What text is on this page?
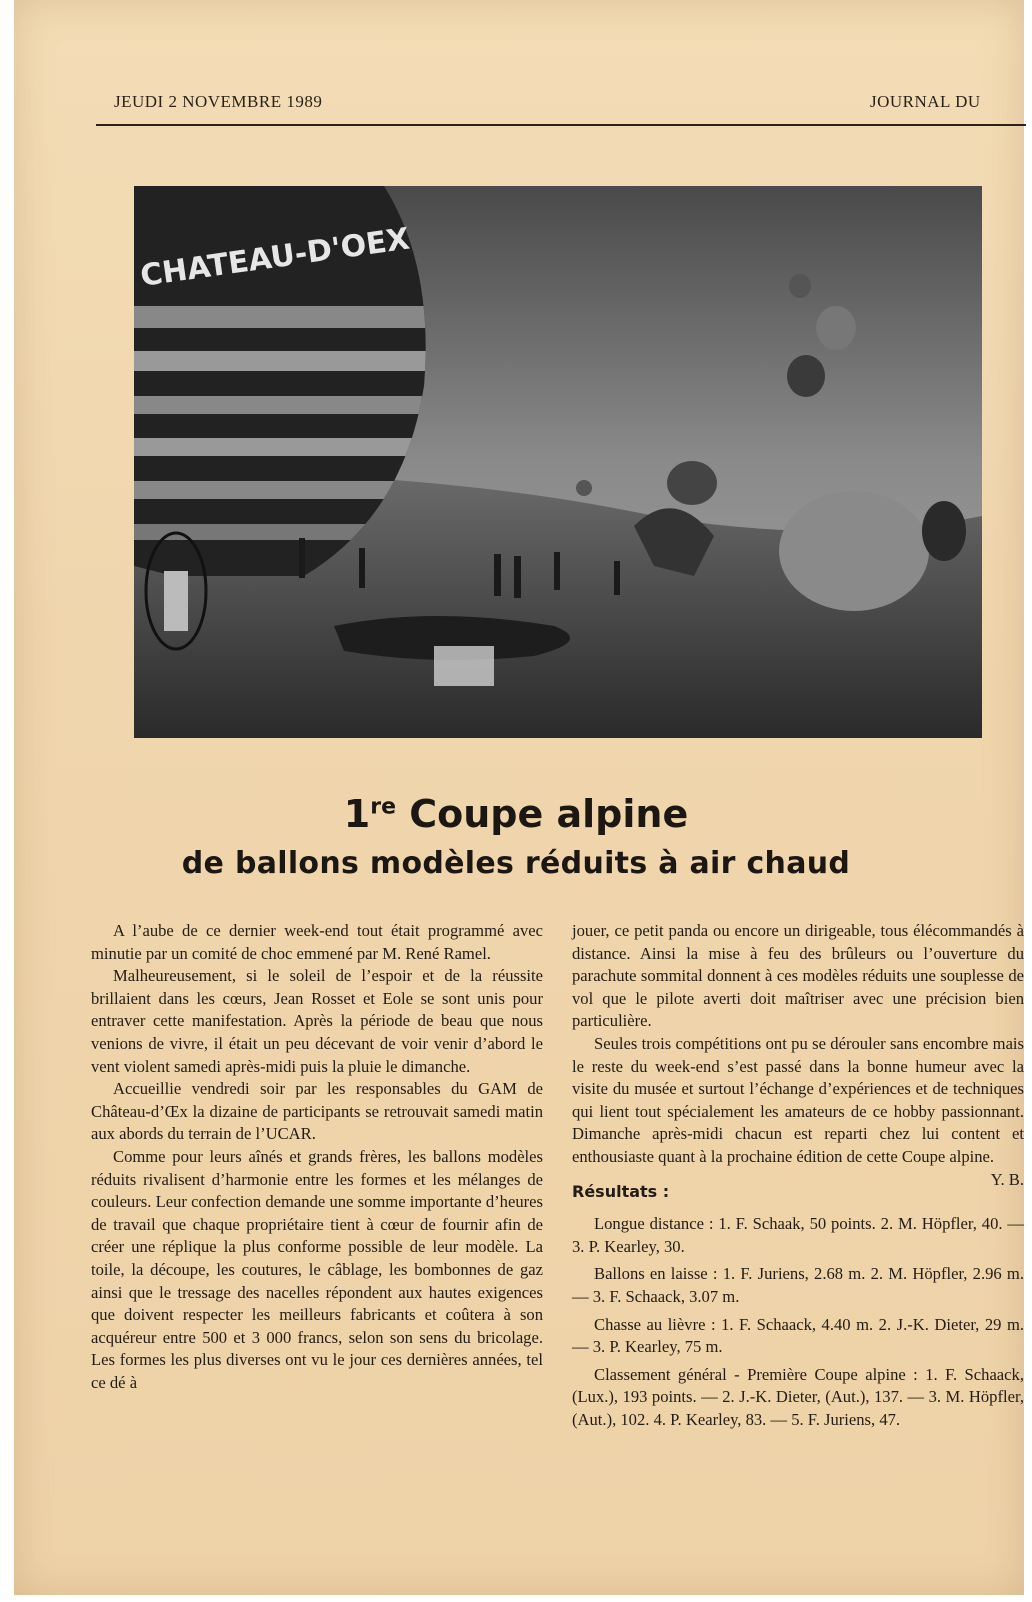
JEUDI 2 NOVEMBRE 1989	JOURNAL DU
CHATEAU-D'OEX
1re Coupe alpine
de ballons modèles réduits à air chaud

A l’aube de ce dernier week-end tout était programmé avec minutie par un comité de choc emmené par M. René Ramel.

Malheureusement, si le soleil de l’espoir et de la réussite brillaient dans les cœurs, Jean Rosset et Eole se sont unis pour entraver cette manifestation. Après la période de beau que nous venions de vivre, il était un peu décevant de voir venir d’abord le vent violent samedi après-midi puis la pluie le dimanche.

Accueillie vendredi soir par les responsables du GAM de Château-d’Œx la dizaine de participants se retrouvait samedi matin aux abords du terrain de l’UCAR.

Comme pour leurs aînés et grands frères, les ballons modèles réduits rivalisent d’harmonie entre les formes et les mélanges de couleurs. Leur confection demande une somme importante d’heures de travail que chaque propriétaire tient à cœur de fournir afin de créer une réplique la plus conforme possible de leur modèle. La toile, la découpe, les coutures, le câblage, les bombonnes de gaz ainsi que le tressage des nacelles répondent aux hautes exigences que doivent respecter les meilleurs fabricants et coûtera à son acquéreur entre 500 et 3 000 francs, selon son sens du bricolage. Les formes les plus diverses ont vu le jour ces dernières années, tel ce dé à

jouer, ce petit panda ou encore un dirigeable, tous élécommandés à distance. Ainsi la mise à feu des brûleurs ou l’ouverture du parachute sommital donnent à ces modèles réduits une souplesse de vol que le pilote averti doit maîtriser avec une précision bien particulière.

Seules trois compétitions ont pu se dérouler sans encombre mais le reste du week-end s’est passé dans la bonne humeur avec la visite du musée et surtout l’échange d’expériences et de techniques qui lient tout spécialement les amateurs de ce hobby passionnant. Dimanche après-midi chacun est reparti chez lui content et enthousiaste quant à la prochaine édition de cette Coupe alpine.
Y. B.

Résultats :

Longue distance : 1. F. Schaak, 50 points. 2. M. Höpfler, 40. — 3. P. Kearley, 30.

Ballons en laisse : 1. F. Juriens, 2.68 m. 2. M. Höpfler, 2.96 m. — 3. F. Schaack, 3.07 m.

Chasse au lièvre : 1. F. Schaack, 4.40 m. 2. J.-K. Dieter, 29 m. — 3. P. Kearley, 75 m.

Classement général - Première Coupe alpine : 1. F. Schaack, (Lux.), 193 points. — 2. J.-K. Dieter, (Aut.), 137. — 3. M. Höpfler, (Aut.), 102. 4. P. Kearley, 83. — 5. F. Juriens, 47.
